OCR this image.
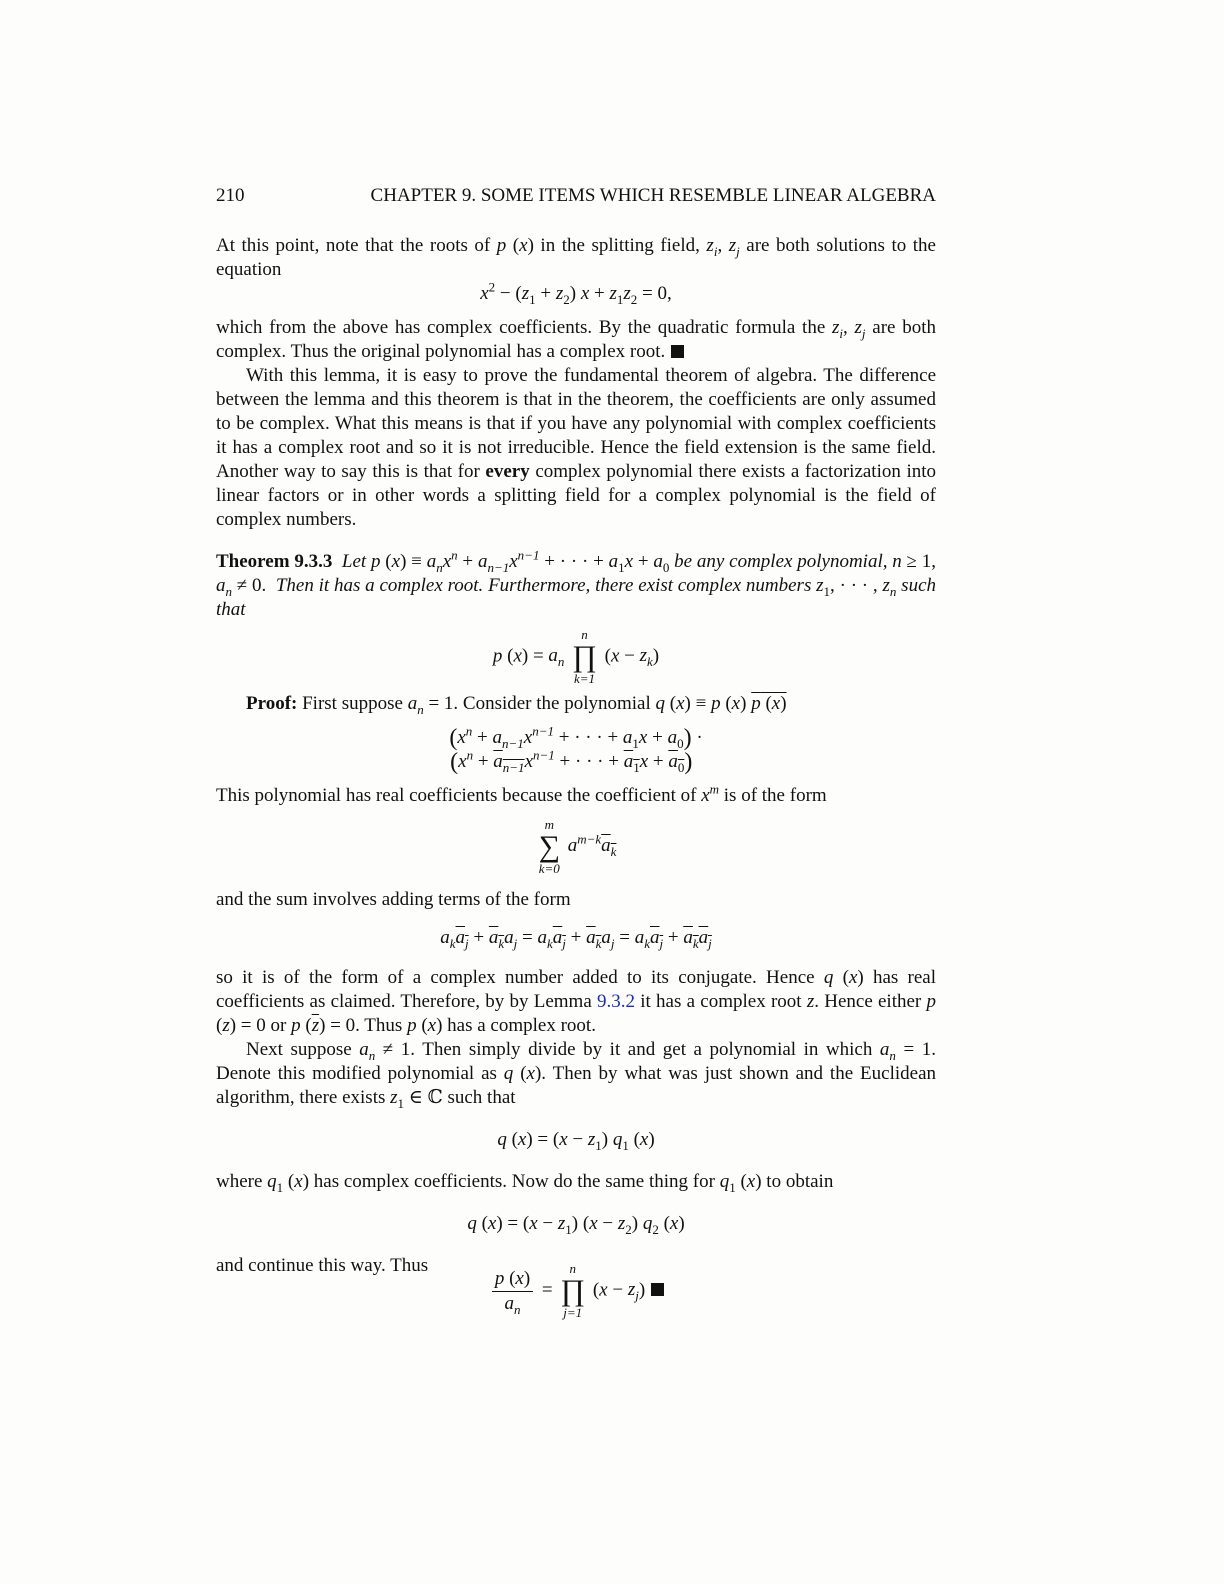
210	CHAPTER 9. SOME ITEMS WHICH RESEMBLE LINEAR ALGEBRA

At this point, note that the roots of p (x) in the splitting field, $z_i$, $z_j$ are both solutions to the equation

$x^2 - (z_1 + z_2) x + z_1z_2 = 0$,

which from the above has complex coefficients. By the quadratic formula the $z_i$, $z_j$ are both complex. Thus the original polynomial has a complex root.

With this lemma, it is easy to prove the fundamental theorem of algebra. The difference between the lemma and this theorem is that in the theorem, the coefficients are only assumed to be complex. What this means is that if you have any polynomial with complex coefficients it has a complex root and so it is not irreducible. Hence the field extension is the same field. Another way to say this is that for every complex polynomial there exists a factorization into linear factors or in other words a splitting field for a complex polynomial is the field of complex numbers.

Theorem 9.3.3 Let p $(x) \equiv a_nx^n + a_{n-1}x^{n-1}$ + · · · + $a_1x + a_0$ be any complex polynomial, n ≥ 1, $a_n \ne 0$.  Then it has a complex root. Furthermore, there exist complex numbers $z_1$, · · · , $z_n$ such that

p $(x) = a_n$
n
∏
k=1
$(x - z_k)$

Proof: First suppose $a_n = 1$. Consider the polynomial q (x) ≡ p (x) p (x)

($x^n + a_{n-1}x^{n-1}$ + · · · + $a_1x + a_0$) ·
($x^n + a_{n-1}x^{n-1}$ + · · · + $a_1x + a_0$)

This polynomial has real coefficients because the coefficient of $x^m$ is of the form

m
∑
k=0
$a^{m-k}a_k$

and the sum involves adding terms of the form

$a_ka_j + a_ka_j = a_ka_j + a_ka_j = a_ka_j + a_ka_j$

so it is of the form of a complex number added to its conjugate. Hence q (x) has real coefficients as claimed. Therefore, by by Lemma 9.3.2 it has a complex root z. Hence either p (z) = 0 or p $(\overline{z}) = 0$. Thus p (x) has a complex root.

Next suppose $a_n \ne 1$. Then simply divide by it and get a polynomial in which $a_n = 1$. Denote this modified polynomial as q (x). Then by what was just shown and the Euclidean algorithm, there exists $z_1$ ∈ ℂ such that

q $(x) = (x - z_1)$ $q_1$ (x)

where $q_1$ (x) has complex coefficients. Now do the same thing for $q_1$ (x) to obtain

q $(x) = (x - z_1)$ $(x - z_2)$ $q_2$ (x)

and continue this way. Thus

$\frac{p (x)}{a_n}$ =
n
∏
j=1
$(x - z_j)$
